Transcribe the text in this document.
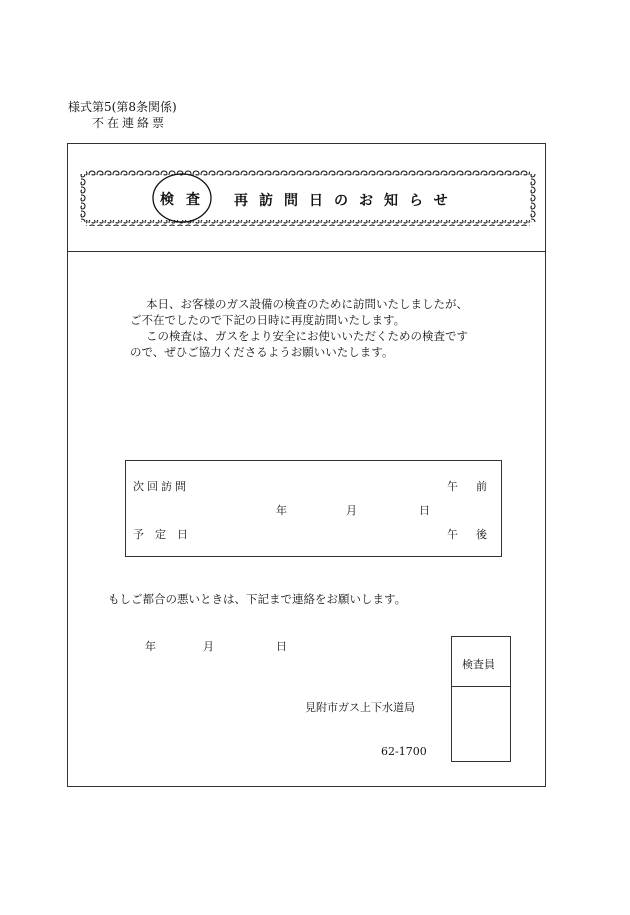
様式第5(第8条関係)
不在連絡票
検査 再訪問日のお知らせ
本日、お客様のガス設備の検査のために訪問いたしましたが、
ご不在でしたので下記の日時に再度訪問いたします。
この検査は、ガスをより安全にお使いいただくための検査です
ので、ぜひご協力くださるようお願いいたします。
次回訪問
予定日
年	月	日
午前
午後
もしご都合の悪いときは、下記まで連絡をお願いします。
年	月	日
見附市ガス上下水道局
62-1700
検査員
